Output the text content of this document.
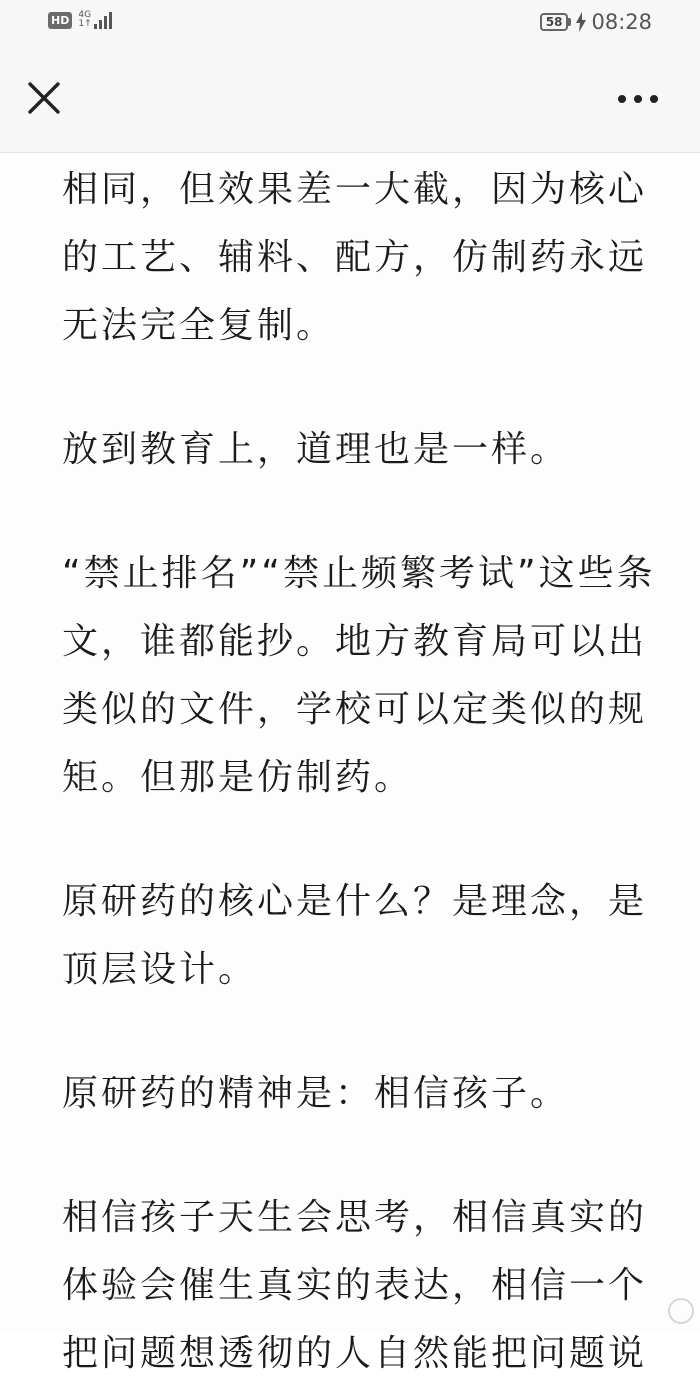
HD	4G
1↑	58 08:28

相同，但效果差一大截，因为核心
的工艺、辅料、配方，仿制药永远
无法完全复制。

放到教育上，道理也是一样。

“禁止排名”“禁止频繁考试”这些条
文，谁都能抄。地方教育局可以出
类似的文件，学校可以定类似的规
矩。但那是仿制药。

原研药的核心是什么？是理念，是
顶层设计。

原研药的精神是：相信孩子。

相信孩子天生会思考，相信真实的
体验会催生真实的表达，相信一个
把问题想透彻的人自然能把问题说
